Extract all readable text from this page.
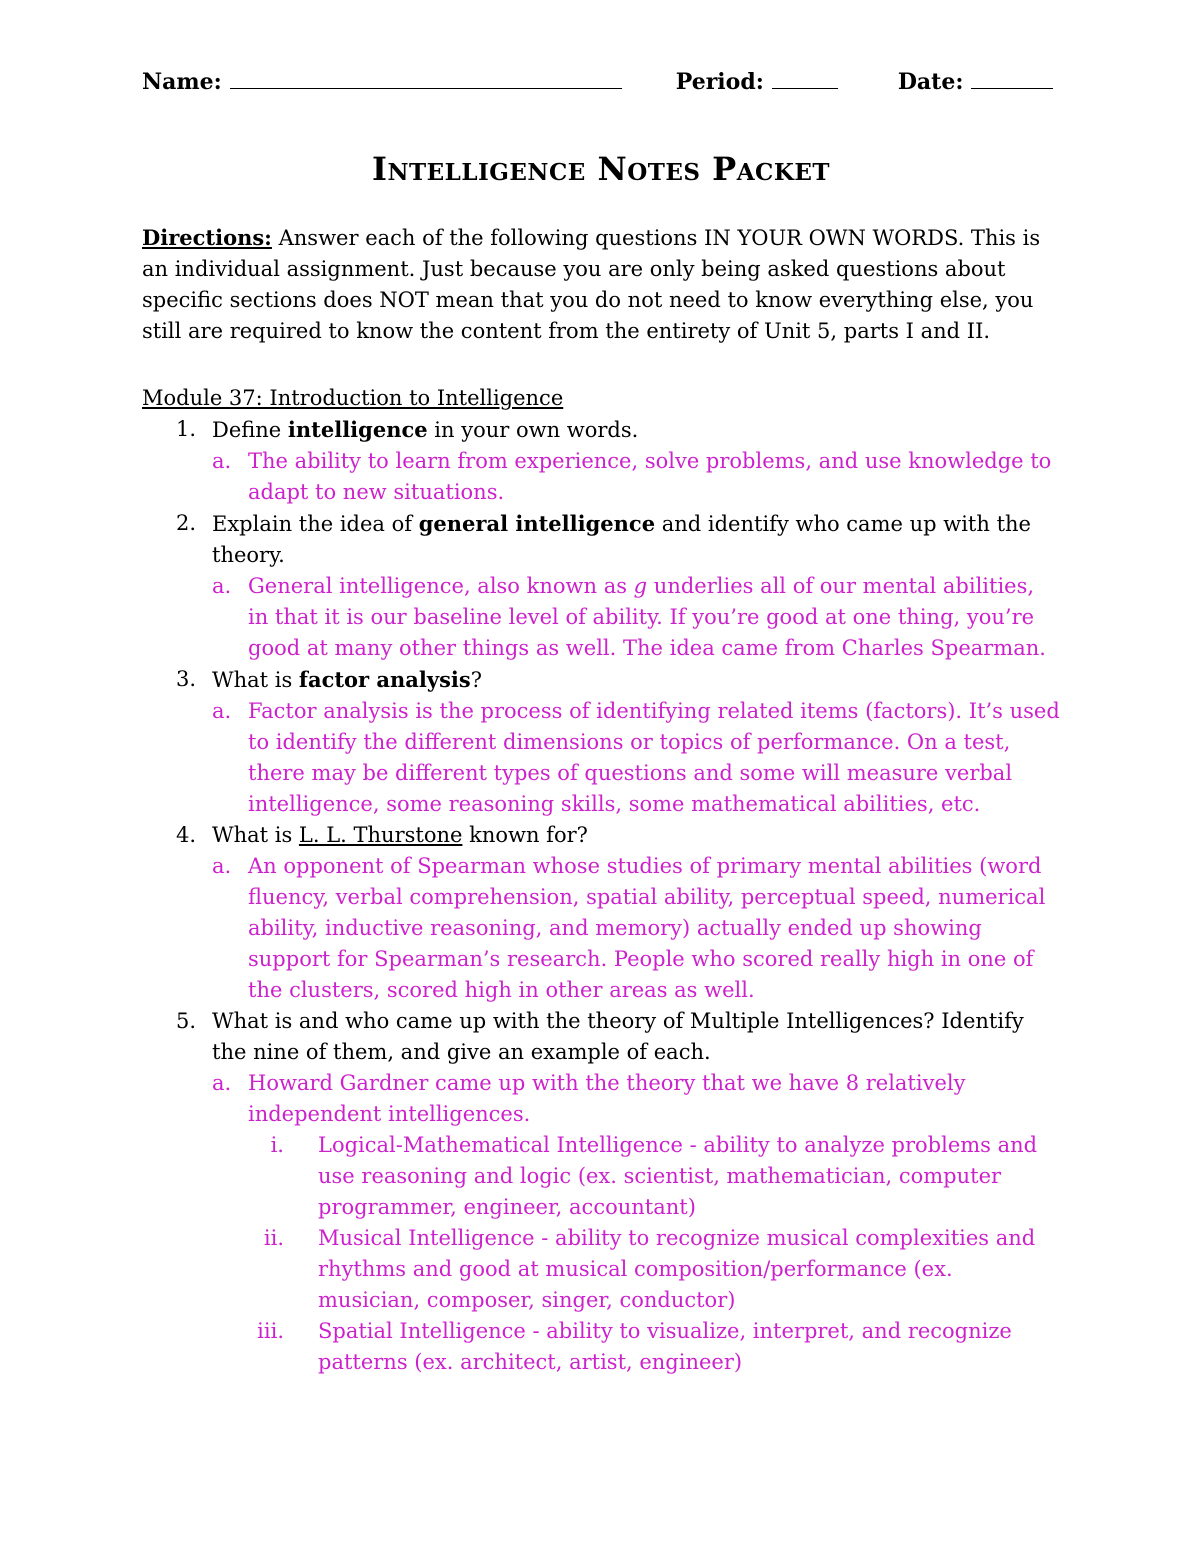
Name:	Period:	Date:
INTELLIGENCE NOTES PACKET
Directions: Answer each of the following questions IN YOUR OWN WORDS. This is an individual assignment. Just because you are only being asked questions about specific sections does NOT mean that you do not need to know everything else, you still are required to know the content from the entirety of Unit 5, parts I and II.
Module 37: Introduction to Intelligence
1. Define intelligence in your own words.
a. The ability to learn from experience, solve problems, and use knowledge to adapt to new situations.
2. Explain the idea of general intelligence and identify who came up with the theory.
a. General intelligence, also known as g underlies all of our mental abilities, in that it is our baseline level of ability. If you’re good at one thing, you’re good at many other things as well. The idea came from Charles Spearman.
3. What is factor analysis?
a. Factor analysis is the process of identifying related items (factors). It’s used to identify the different dimensions or topics of performance. On a test, there may be different types of questions and some will measure verbal intelligence, some reasoning skills, some mathematical abilities, etc.
4. What is L. L. Thurstone known for?
a. An opponent of Spearman whose studies of primary mental abilities (word fluency, verbal comprehension, spatial ability, perceptual speed, numerical ability, inductive reasoning, and memory) actually ended up showing support for Spearman’s research. People who scored really high in one of the clusters, scored high in other areas as well.
5. What is and who came up with the theory of Multiple Intelligences? Identify the nine of them, and give an example of each.
a. Howard Gardner came up with the theory that we have 8 relatively independent intelligences.
i. Logical-Mathematical Intelligence - ability to analyze problems and use reasoning and logic (ex. scientist, mathematician, computer programmer, engineer, accountant)
ii. Musical Intelligence - ability to recognize musical complexities and rhythms and good at musical composition/performance (ex. musician, composer, singer, conductor)
iii. Spatial Intelligence - ability to visualize, interpret, and recognize patterns (ex. architect, artist, engineer)
